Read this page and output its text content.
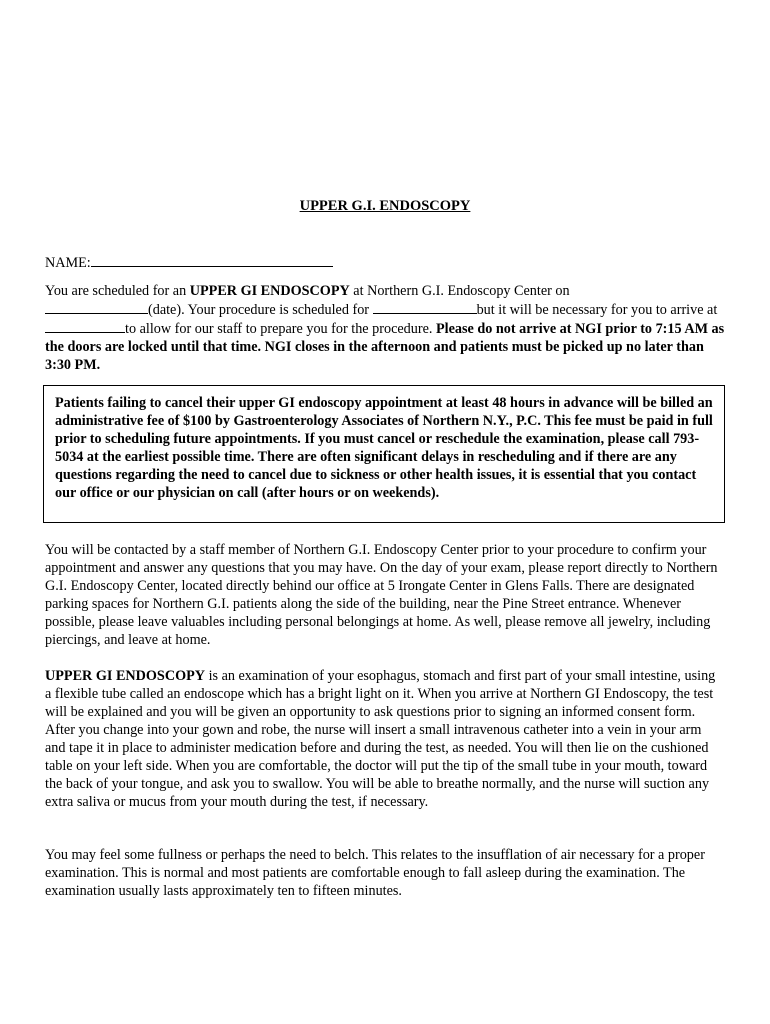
UPPER G.I. ENDOSCOPY

NAME:

You are scheduled for an UPPER GI ENDOSCOPY at Northern G.I. Endoscopy Center on
(date). Your procedure is scheduled for	but it will be necessary for you to arrive at to allow for our staff to prepare you for the procedure. Please do not arrive at NGI prior to 7:15 AM as the doors are locked until that time. NGI closes in the afternoon and patients must be picked up no later than 3:30 PM.

Patients failing to cancel their upper GI endoscopy appointment at least 48 hours in advance will be billed an administrative fee of $100 by Gastroenterology Associates of Northern N.Y., P.C. This fee must be paid in full prior to scheduling future appointments. If you must cancel or reschedule the examination, please call 793-5034 at the earliest possible time. There are often significant delays in rescheduling and if there are any questions regarding the need to cancel due to sickness or other health issues, it is essential that you contact our office or our physician on call (after hours or on weekends).

You will be contacted by a staff member of Northern G.I. Endoscopy Center prior to your procedure to confirm your appointment and answer any questions that you may have. On the day of your exam, please report directly to Northern G.I. Endoscopy Center, located directly behind our office at 5 Irongate Center in Glens Falls. There are designated parking spaces for Northern G.I. patients along the side of the building, near the Pine Street entrance. Whenever possible, please leave valuables including personal belongings at home. As well, please remove all jewelry, including piercings, and leave at home.

UPPER GI ENDOSCOPY is an examination of your esophagus, stomach and first part of your small intestine, using a flexible tube called an endoscope which has a bright light on it. When you arrive at Northern GI Endoscopy, the test will be explained and you will be given an opportunity to ask questions prior to signing an informed consent form. After you change into your gown and robe, the nurse will insert a small intravenous catheter into a vein in your arm and tape it in place to administer medication before and during the test, as needed. You will then lie on the cushioned table on your left side. When you are comfortable, the doctor will put the tip of the small tube in your mouth, toward the back of your tongue, and ask you to swallow. You will be able to breathe normally, and the nurse will suction any extra saliva or mucus from your mouth during the test, if necessary.

You may feel some fullness or perhaps the need to belch. This relates to the insufflation of air necessary for a proper examination. This is normal and most patients are comfortable enough to fall asleep during the examination. The examination usually lasts approximately ten to fifteen minutes.
